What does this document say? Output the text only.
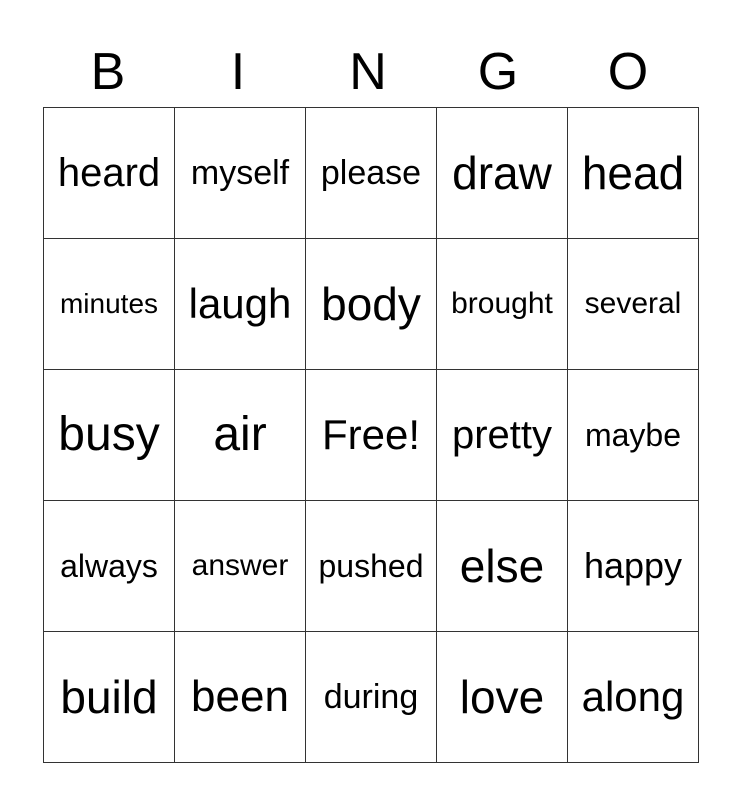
B	I	N	G	O
heard	myself	please	draw	head
minutes	laugh	body	brought	several
busy	air	Free!	pretty	maybe
always	answer	pushed	else	happy
build	been	during	love	along
